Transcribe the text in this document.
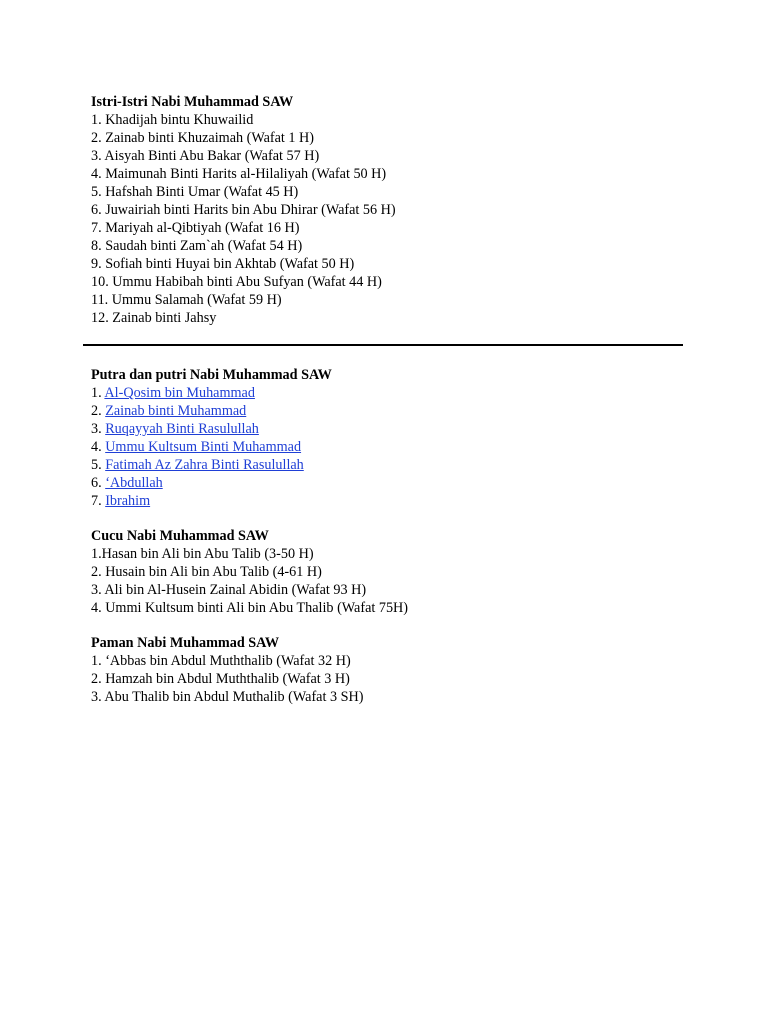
Istri-Istri Nabi Muhammad SAW
1. Khadijah bintu Khuwailid
2. Zainab binti Khuzaimah (Wafat 1 H)
3. Aisyah Binti Abu Bakar (Wafat 57 H)
4. Maimunah Binti Harits al-Hilaliyah (Wafat 50 H)
5. Hafshah Binti Umar (Wafat 45 H)
6. Juwairiah binti Harits bin Abu Dhirar (Wafat 56 H)
7. Mariyah al-Qibtiyah (Wafat 16 H)
8. Saudah binti Zam`ah (Wafat 54 H)
9. Sofiah binti Huyai bin Akhtab (Wafat 50 H)
10. Ummu Habibah binti Abu Sufyan (Wafat 44 H)
11. Ummu Salamah (Wafat 59 H)
12. Zainab binti Jahsy
Putra dan putri Nabi Muhammad SAW
1. Al-Qosim bin Muhammad
2. Zainab binti Muhammad
3. Ruqayyah Binti Rasulullah
4. Ummu Kultsum Binti Muhammad
5. Fatimah Az Zahra Binti Rasulullah
6. ‘Abdullah
7. Ibrahim
Cucu Nabi Muhammad SAW
1.Hasan bin Ali bin Abu Talib (3-50 H)
2. Husain bin Ali bin Abu Talib (4-61 H)
3. Ali bin Al-Husein Zainal Abidin (Wafat 93 H)
4. Ummi Kultsum binti Ali bin Abu Thalib (Wafat 75H)
Paman Nabi Muhammad SAW
1. ‘Abbas bin Abdul Muththalib (Wafat 32 H)
2. Hamzah bin Abdul Muththalib (Wafat 3 H)
3. Abu Thalib bin Abdul Muthalib (Wafat 3 SH)
